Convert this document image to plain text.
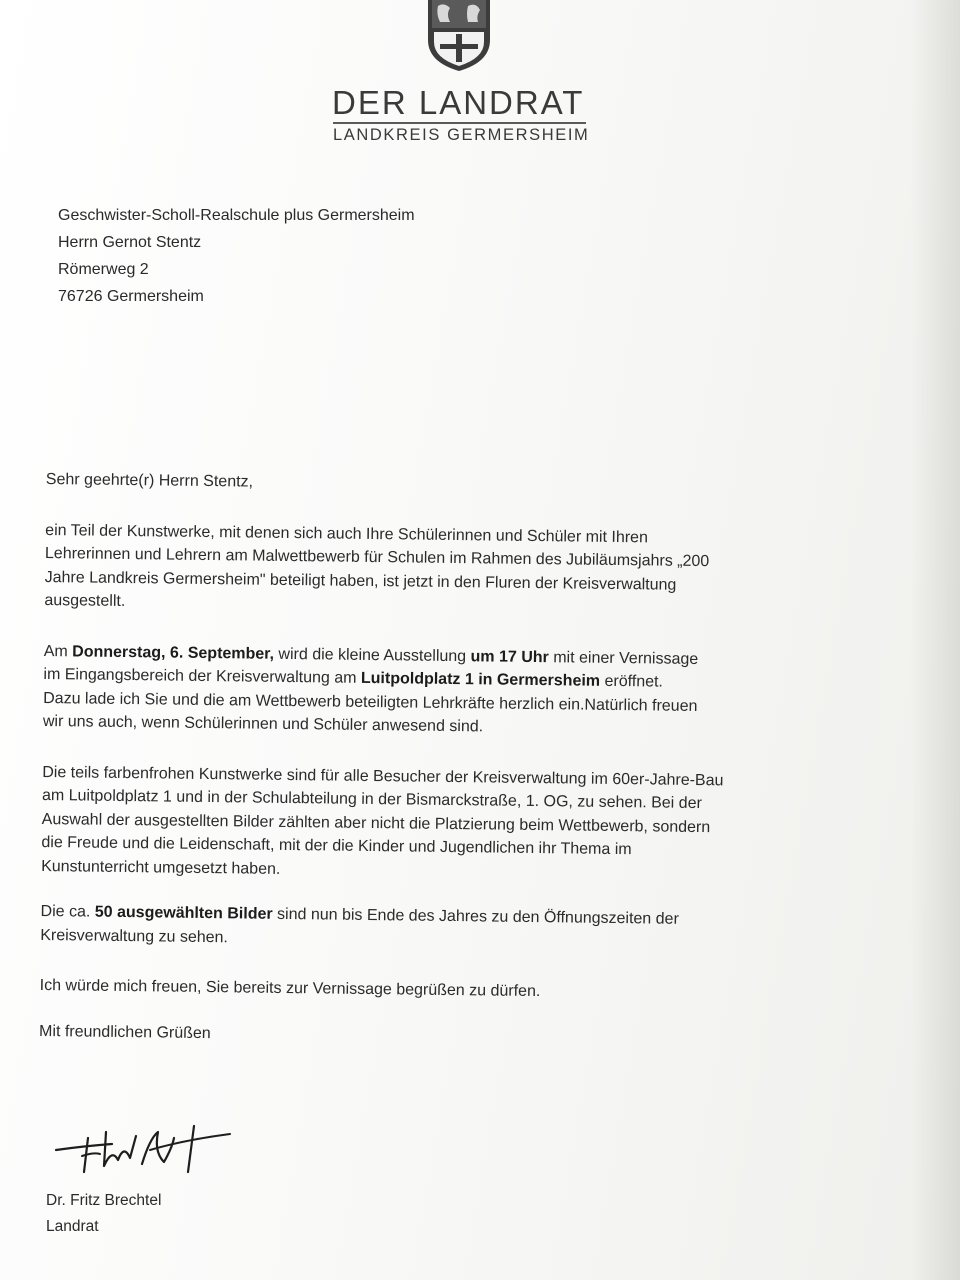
DER LANDRAT
LANDKREIS GERMERSHEIM
Geschwister-Scholl-Realschule plus Germersheim
Herrn Gernot Stentz
Römerweg 2
76726 Germersheim
Sehr geehrte(r) Herrn Stentz,
ein Teil der Kunstwerke, mit denen sich auch Ihre Schülerinnen und Schüler mit Ihren
Lehrerinnen und Lehrern am Malwettbewerb für Schulen im Rahmen des Jubiläumsjahrs „200
Jahre Landkreis Germersheim" beteiligt haben, ist jetzt in den Fluren der Kreisverwaltung
ausgestellt.
Am Donnerstag, 6. September, wird die kleine Ausstellung um 17 Uhr mit einer Vernissage
im Eingangsbereich der Kreisverwaltung am Luitpoldplatz 1 in Germersheim eröffnet.
Dazu lade ich Sie und die am Wettbewerb beteiligten Lehrkräfte herzlich ein.Natürlich freuen
wir uns auch, wenn Schülerinnen und Schüler anwesend sind.
Die teils farbenfrohen Kunstwerke sind für alle Besucher der Kreisverwaltung im 60er-Jahre-Bau
am Luitpoldplatz 1 und in der Schulabteilung in der Bismarckstraße, 1. OG, zu sehen. Bei der
Auswahl der ausgestellten Bilder zählten aber nicht die Platzierung beim Wettbewerb, sondern
die Freude und die Leidenschaft, mit der die Kinder und Jugendlichen ihr Thema im
Kunstunterricht umgesetzt haben.
Die ca. 50 ausgewählten Bilder sind nun bis Ende des Jahres zu den Öffnungszeiten der
Kreisverwaltung zu sehen.
Ich würde mich freuen, Sie bereits zur Vernissage begrüßen zu dürfen.
Mit freundlichen Grüßen
Dr. Fritz Brechtel
Landrat
